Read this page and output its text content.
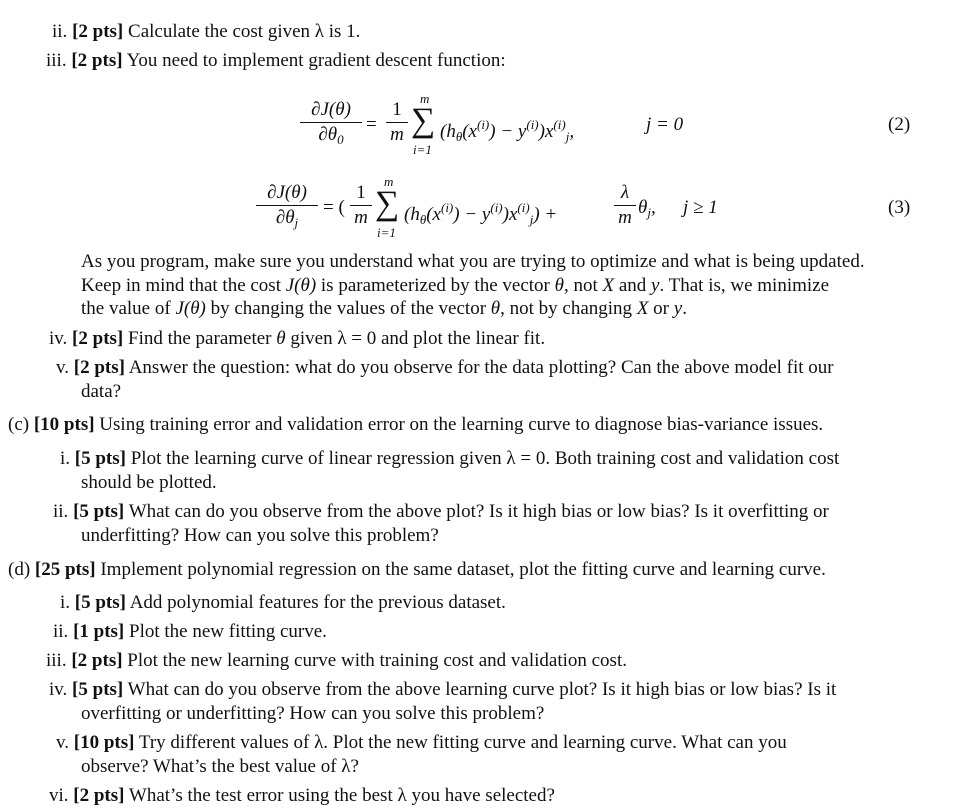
ii. [2 pts] Calculate the cost given λ is 1.
iii. [2 pts] You need to implement gradient descent function:
∂J(θ)
$\partial\theta_0$
=
1
m
m
∑
i=1
$(h_\theta(x^{(i)}) - y^{(i)})x^{(i)}_j$,	j = 0	(2)
∂J(θ)
$\partial\theta_j$
= (
1
m
m
∑
i=1
$(h_\theta(x^{(i)}) - y^{(i)})x^{(i)}_j$) +
λ
m $\theta_j$, j ≥ 1	(3)
As you program, make sure you understand what you are trying to optimize and what is being updated.
Keep in mind that the cost J(θ) is parameterized by the vector θ, not X and y. That is, we minimize
the value of J(θ) by changing the values of the vector θ, not by changing X or y.
iv. [2 pts] Find the parameter θ given λ = 0 and plot the linear fit.
v. [2 pts] Answer the question: what do you observe for the data plotting? Can the above model fit our
data?
(c) [10 pts] Using training error and validation error on the learning curve to diagnose bias-variance issues.
i. [5 pts] Plot the learning curve of linear regression given λ = 0. Both training cost and validation cost
should be plotted.
ii. [5 pts] What can do you observe from the above plot? Is it high bias or low bias? Is it overfitting or
underfitting? How can you solve this problem?
(d) [25 pts] Implement polynomial regression on the same dataset, plot the fitting curve and learning curve.
i. [5 pts] Add polynomial features for the previous dataset.
ii. [1 pts] Plot the new fitting curve.
iii. [2 pts] Plot the new learning curve with training cost and validation cost.
iv. [5 pts] What can do you observe from the above learning curve plot? Is it high bias or low bias? Is it
overfitting or underfitting? How can you solve this problem?
v. [10 pts] Try different values of λ. Plot the new fitting curve and learning curve. What can you
observe? What’s the best value of λ?
vi. [2 pts] What’s the test error using the best λ you have selected?
